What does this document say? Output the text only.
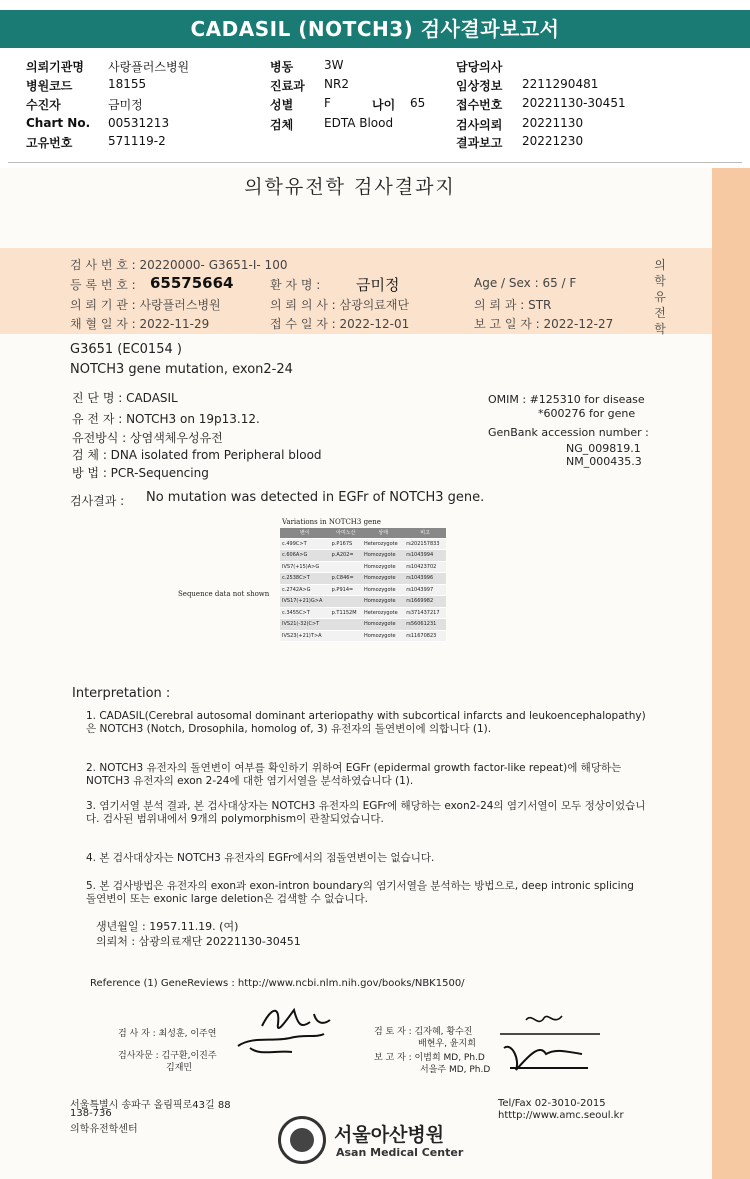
CADASIL (NOTCH3) 검사결과보고서
의뢰기관명 사랑플러스병원
병원코드	18155
수진자	금미정
Chart No. 00531213
고유번호	571119-2
병동	3W
진료과 NR2
성별	F	나이 65
검체	EDTA Blood
담당의사
임상정보 2211290481
접수번호 20221130-30451
검사의뢰 20221130
결과보고 20221230
의학유전학 검사결과지
의
학
유
전
학
검 사 번 호 : 20220000- G3651-I- 100
등 록 번 호 : 65575664	환 자 명 : 금미정	Age / Sex : 65 / F
의 뢰 기 관 : 사랑플러스병원	의 뢰 의 사 : 삼광의료재단	의 뢰 과 : STR
채 혈 일 자 : 2022-11-29	접 수 일 자 : 2022-12-01	보 고 일 자 : 2022-12-27
G3651 (EC0154 )
NOTCH3 gene mutation, exon2-24
진 단 명 : CADASIL
유 전 자 : NOTCH3 on 19p13.12.
유전방식 : 상염색체우성유전
검 체 : DNA isolated from Peripheral blood
방 법 : PCR-Sequencing
OMIM : #125310 for disease
*600276 for gene
GenBank accession number :
NG_009819.1
NM_000435.3
검사결과 : No mutation was detected in EGFr of NOTCH3 gene.
Variations in NOTCH3 gene
Sequence data not shown
변이	아미노산	상태	비고
c.499C>T	p.P167S	Heterozygote	rs202157833
c.606A>G	p.A202=	Homozygote	rs1043994
IVS7(+15)A>G		Homozygote	rs10423702
c.2538C>T	p.C846=	Homozygote	rs1043996
c.2742A>G	p.P914=	Homozygote	rs1043997
IVS17(+21)G>A		Homozygote	rs1669982
c.3455C>T	p.T1152M	Heterozygote	rs371437217
IVS21(-32)C>T		Homozygote	rs56061231
IVS23(+21)T>A		Homozygote	rs11670823
Interpretation :
1. CADASIL(Cerebral autosomal dominant arteriopathy with subcortical infarcts and leukoencephalopathy)은 NOTCH3 (Notch, Drosophila, homolog of, 3) 유전자의 돌연변이에 의합니다 (1).
2. NOTCH3 유전자의 돌연변이 여부를 확인하기 위하여 EGFr (epidermal growth factor-like repeat)에 해당하는 NOTCH3 유전자의 exon 2-24에 대한 염기서열을 분석하였습니다 (1).
3. 염기서열 분석 결과, 본 검사대상자는 NOTCH3 유전자의 EGFr에 해당하는 exon2-24의 염기서열이 모두 정상이었습니다. 검사된 범위내에서 9개의 polymorphism이 관찰되었습니다.
4. 본 검사대상자는 NOTCH3 유전자의 EGFr에서의 점돌연변이는 없습니다.
5. 본 검사방법은 유전자의 exon과 exon-intron boundary의 염기서열을 분석하는 방법으로, deep intronic splicing 돌연변이 또는 exonic large deletion은 검색할 수 없습니다.
생년월일 : 1957.11.19. (여)
의뢰처 : 삼광의료재단 20221130-30451
Reference (1) GeneReviews : http://www.ncbi.nlm.nih.gov/books/NBK1500/
검 사 자 : 최성훈, 이주연
검사자문 : 김구환,이진주
김재민
검 토 자 : 김자혜, 황수진
배현우, 윤지희
보 고 자 : 이범희 MD, Ph.D
서을주 MD, Ph.D
서울특별시 송파구 올림픽로43길 88
138-736
의학유전학센터
Tel/Fax 02-3010-2015
htttp://www.amc.seoul.kr
서울아산병원
Asan Medical Center
